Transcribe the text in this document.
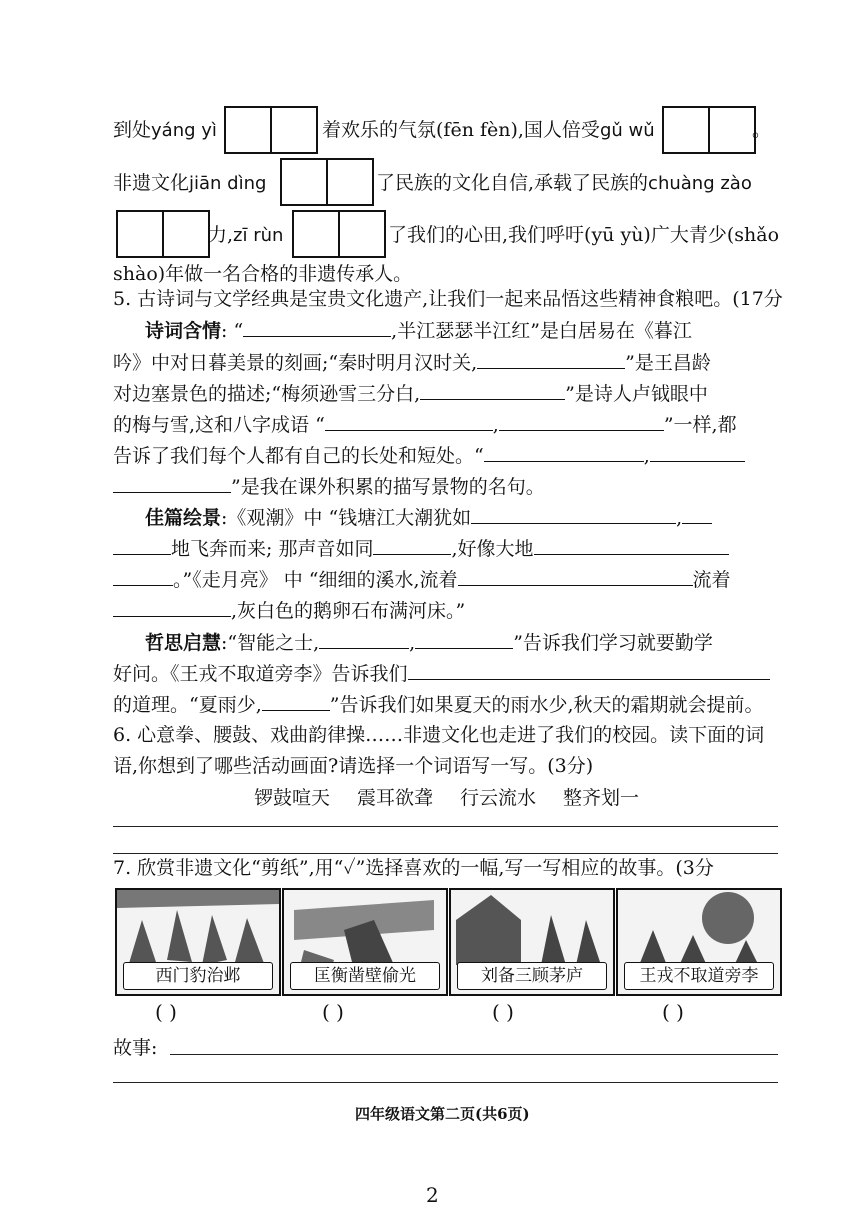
到处yáng yì	着欢乐的气氛(fēn fèn),国人倍受gǔ wǔ	。
非遗文化jiān dìng	了民族的文化自信,承载了民族的chuàng zào
力,zī rùn	了我们的心田,我们呼吁(yū yù)广大青少(shǎo
shào)年做一名合格的非遗传承人。
5. 古诗词与文学经典是宝贵文化遗产,让我们一起来品悟这些精神食粮吧。(17分
诗词含情: “	,半江瑟瑟半江红”是白居易在《暮江
吟》中对日暮美景的刻画;“秦时明月汉时关,	”是王昌龄
对边塞景色的描述;“梅须逊雪三分白,	”是诗人卢钺眼中
的梅与雪,这和八字成语 “	,	”一样,都
告诉了我们每个人都有自己的长处和短处。“	,
”是我在课外积累的描写景物的名句。
佳篇绘景:《观潮》中 “钱塘江大潮犹如	,
地飞奔而来; 那声音如同	,好像大地
。”《走月亮》 中 “细细的溪水,流着	流着
,灰白色的鹅卵石布满河床。”
哲思启慧:“智能之士,	,	”告诉我们学习就要勤学
好问。《王戎不取道旁李》告诉我们
的道理。“夏雨少,	”告诉我们如果夏天的雨水少,秋天的霜期就会提前。
6. 心意拳、腰鼓、戏曲韵律操……非遗文化也走进了我们的校园。读下面的词
语,你想到了哪些活动画面?请选择一个词语写一写。(3分)
锣鼓喧天 震耳欲聋 行云流水 整齐划一
7. 欣赏非遗文化“剪纸”,用“✓”选择喜欢的一幅,写一写相应的故事。(3分
西门豹治邺	匡衡凿壁偷光	刘备三顾茅庐	王戎不取道旁李
( )	( )	( )	( )
故事:
四年级语文第二页(共6页)
2
